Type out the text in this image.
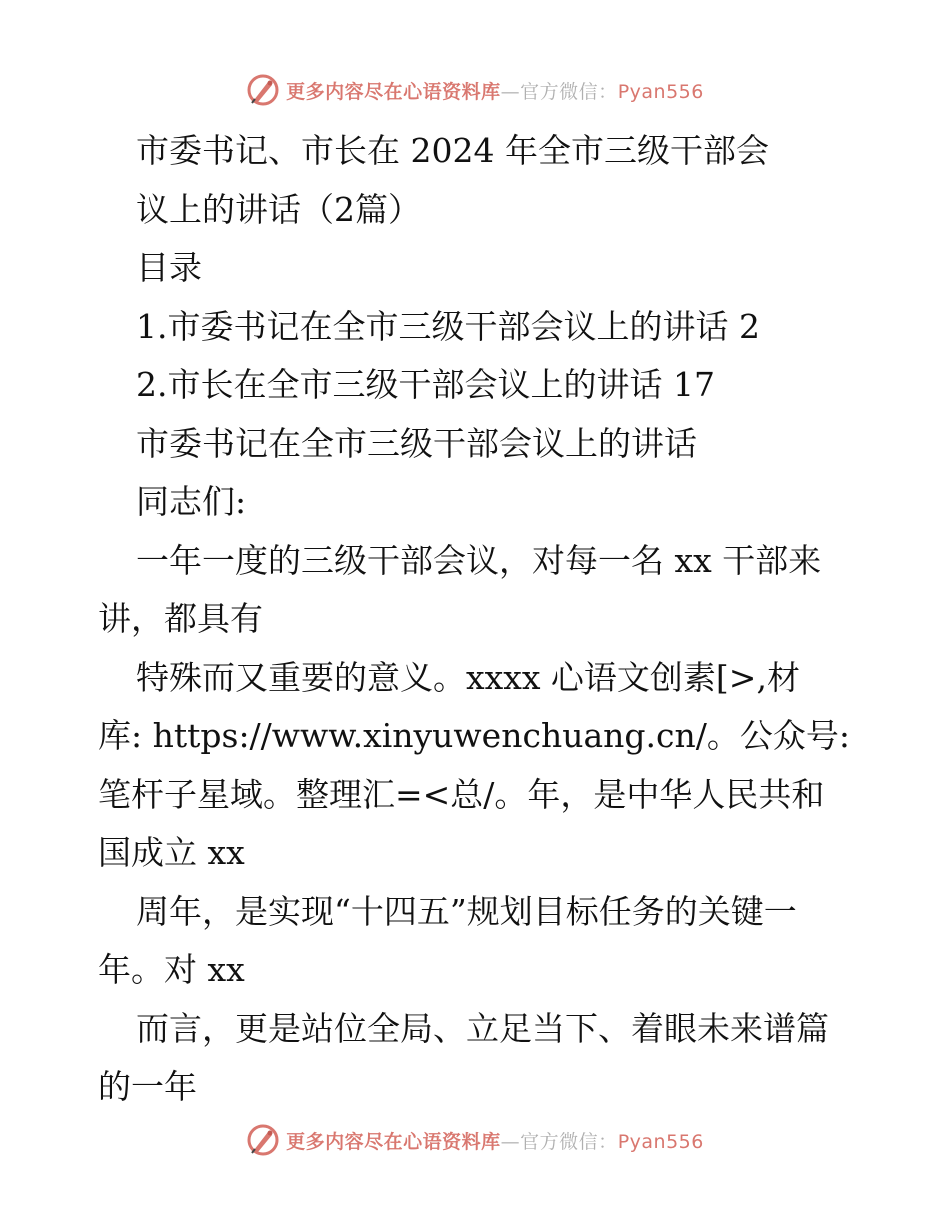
更多内容尽在心语资料库—官方微信：Pyan556
市委书记、市长在 2024 年全市三级干部会
议上的讲话（2篇）
目录
1.市委书记在全市三级干部会议上的讲话 2
2.市长在全市三级干部会议上的讲话 17
市委书记在全市三级干部会议上的讲话
同志们:
一年一度的三级干部会议，对每一名 xx 干部来
讲，都具有
特殊而又重要的意义。xxxx 心语文创素[>,材
库: https://www.xinyuwenchuang.cn/。公众号:
笔杆子星域。整理汇=<总/。年，是中华人民共和
国成立 xx
周年，是实现“十四五”规划目标任务的关键一
年。对 xx
而言，更是站位全局、立足当下、着眼未来谱篇
的一年
更多内容尽在心语资料库—官方微信：Pyan556
